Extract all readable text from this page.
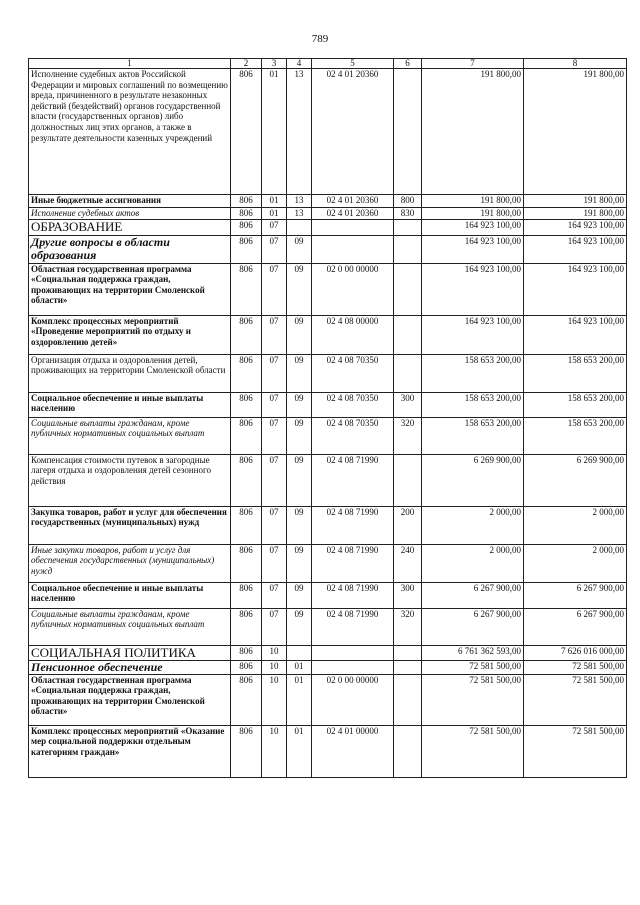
789
1	2	3	4	5	6	7	8
Исполнение судебных актов Российской Федерации и мировых соглашений по возмещению вреда, причиненного в результате незаконных действий (бездействий) органов государственной власти (государственных органов) либо должностных лиц этих органов, а также в результате деятельности казенных учреждений	806	01	13	02 4 01 20360		191 800,00	191 800,00
Иные бюджетные ассигнования	806	01	13	02 4 01 20360	800	191 800,00	191 800,00
Исполнение судебных актов	806	01	13	02 4 01 20360	830	191 800,00	191 800,00
ОБРАЗОВАНИЕ	806	07				164 923 100,00	164 923 100,00
Другие вопросы в области образования	806	07	09			164 923 100,00	164 923 100,00
Областная государственная программа «Социальная поддержка граждан, проживающих на территории Смоленской области»	806	07	09	02 0 00 00000		164 923 100,00	164 923 100,00
Комплекс процессных мероприятий «Проведение мероприятий по отдыху и оздоровлению детей»	806	07	09	02 4 08 00000		164 923 100,00	164 923 100,00
Организация отдыха и оздоровления детей, проживающих на территории Смоленской области	806	07	09	02 4 08 70350		158 653 200,00	158 653 200,00
Социальное обеспечение и иные выплаты населению	806	07	09	02 4 08 70350	300	158 653 200,00	158 653 200,00
Социальные выплаты гражданам, кроме публичных нормативных социальных выплат	806	07	09	02 4 08 70350	320	158 653 200,00	158 653 200,00
Компенсация стоимости путевок в загородные лагеря отдыха и оздоровления детей сезонного действия	806	07	09	02 4 08 71990		6 269 900,00	6 269 900,00
Закупка товаров, работ и услуг для обеспечения государственных (муниципальных) нужд	806	07	09	02 4 08 71990	200	2 000,00	2 000,00
Иные закупки товаров, работ и услуг для обеспечения государственных (муниципальных) нужд	806	07	09	02 4 08 71990	240	2 000,00	2 000,00
Социальное обеспечение и иные выплаты населению	806	07	09	02 4 08 71990	300	6 267 900,00	6 267 900,00
Социальные выплаты гражданам, кроме публичных нормативных социальных выплат	806	07	09	02 4 08 71990	320	6 267 900,00	6 267 900,00
СОЦИАЛЬНАЯ ПОЛИТИКА	806	10				6 761 362 593,00	7 626 016 000,00
Пенсионное обеспечение	806	10	01			72 581 500,00	72 581 500,00
Областная государственная программа «Социальная поддержка граждан, проживающих на территории Смоленской области»	806	10	01	02 0 00 00000		72 581 500,00	72 581 500,00
Комплекс процессных мероприятий «Оказание мер социальной поддержки отдельным категориям граждан»	806	10	01	02 4 01 00000		72 581 500,00	72 581 500,00
